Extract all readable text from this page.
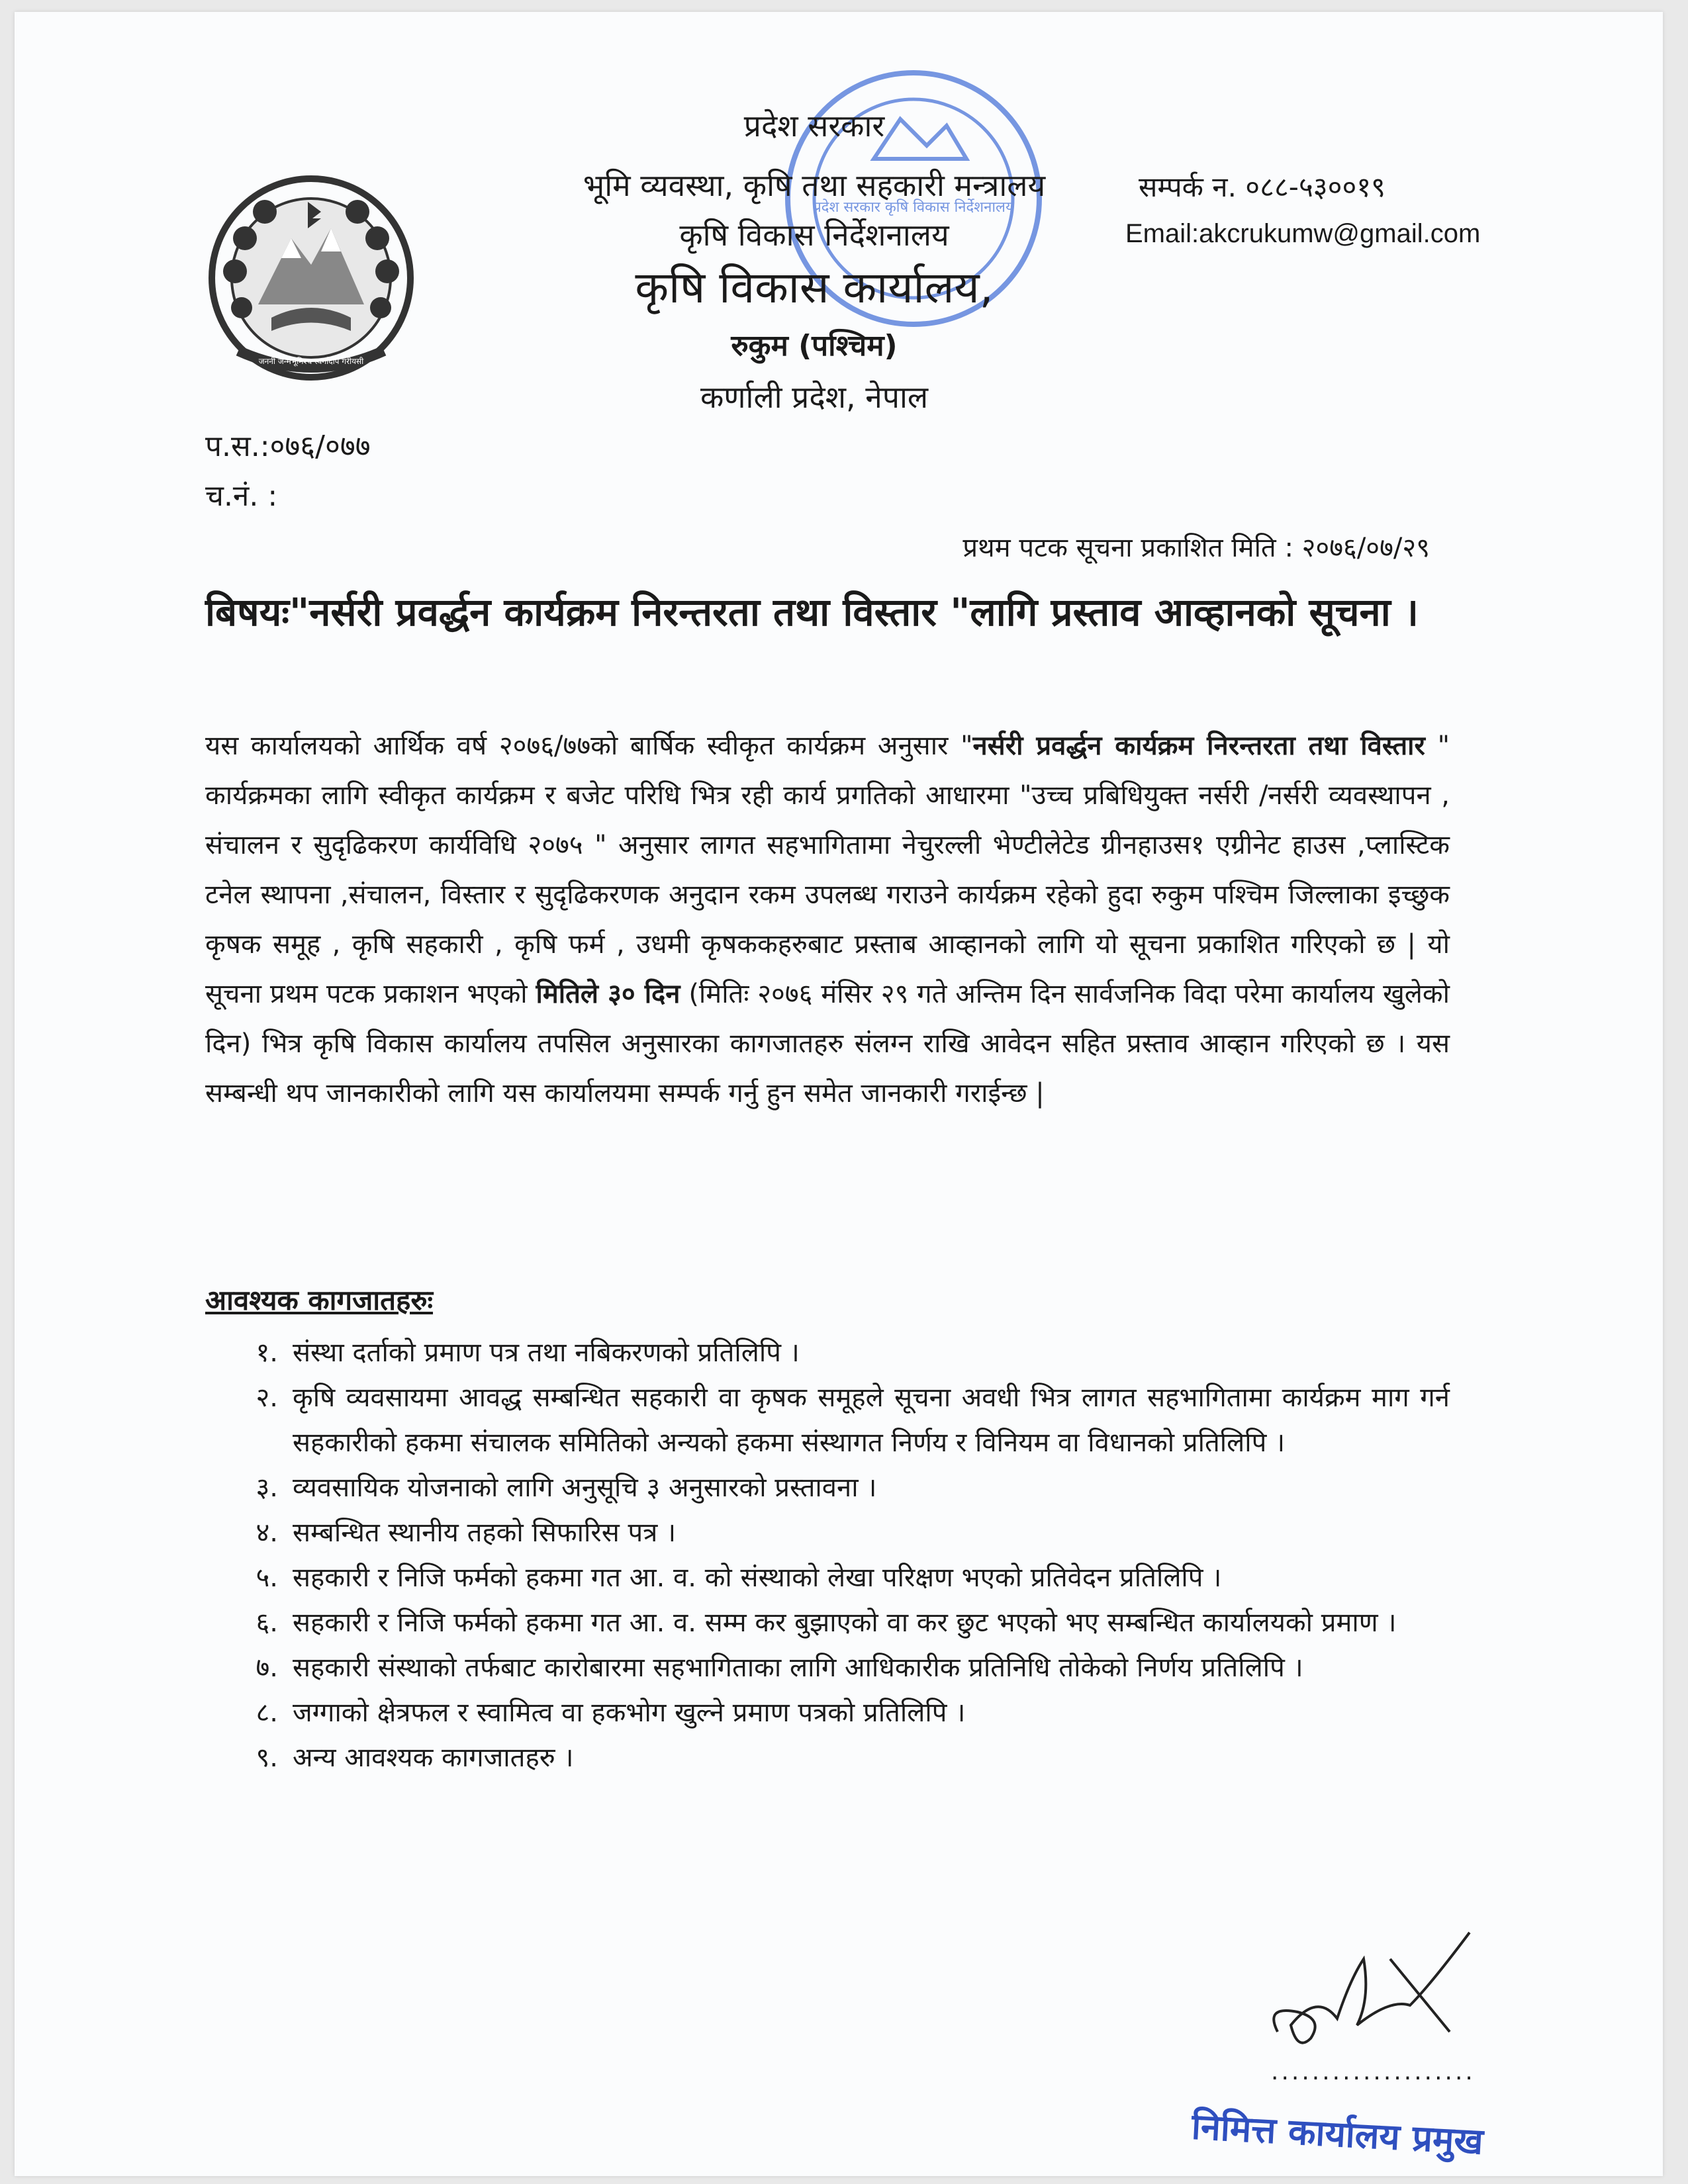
जननी जन्मभूमिश्च स्वर्गादपि गरीयसी
प्रदेश सरकार कृषि विकास निर्देशनालय
प्रदेश सरकार
भूमि व्यवस्था, कृषि तथा सहकारी मन्त्रालय
कृषि विकास निर्देशनालय
कृषि विकास कार्यालय,
रुकुम (पश्चिम)
कर्णाली प्रदेश, नेपाल
सम्पर्क न. ०८८-५३००१९
Email:akcrukumw@gmail.com
प.स.:०७६/०७७
च.नं. :
प्रथम पटक सूचना प्रकाशित मिति : २०७६/०७/२९
बिषयः"नर्सरी प्रवर्द्धन कार्यक्रम निरन्तरता तथा विस्तार "लागि प्रस्ताव आव्हानको सूचना ।
यस कार्यालयको आर्थिक वर्ष २०७६/७७को बार्षिक स्वीकृत कार्यक्रम अनुसार "नर्सरी प्रवर्द्धन कार्यक्रम निरन्तरता तथा विस्तार " कार्यक्रमका लागि स्वीकृत कार्यक्रम र बजेट परिधि भित्र रही कार्य प्रगतिको आधारमा "उच्च प्रबिधियुक्त नर्सरी /नर्सरी व्यवस्थापन , संचालन र सुदृढिकरण कार्यविधि २०७५ " अनुसार लागत सहभागितामा नेचुरल्ली भेण्टीलेटेड ग्रीनहाउस१ एग्रीनेट हाउस ,प्लास्टिक टनेल स्थापना ,संचालन, विस्तार र सुदृढिकरणक अनुदान रकम उपलब्ध गराउने कार्यक्रम रहेको हुदा रुकुम पश्चिम जिल्लाका इच्छुक कृषक समूह , कृषि सहकारी , कृषि फर्म , उधमी कृषककहरुबाट प्रस्ताब आव्हानको लागि यो सूचना प्रकाशित गरिएको छ | यो सूचना प्रथम पटक प्रकाशन भएको मितिले ३० दिन (मितिः २०७६ मंसिर २९ गते अन्तिम दिन सार्वजनिक विदा परेमा कार्यालय खुलेको दिन) भित्र कृषि विकास कार्यालय तपसिल अनुसारका कागजातहरु संलग्न राखि आवेदन सहित प्रस्ताव आव्हान गरिएको छ । यस सम्बन्धी थप जानकारीको लागि यस कार्यालयमा सम्पर्क गर्नु हुन समेत जानकारी गराईन्छ |
आवश्यक कागजातहरुः
१. संस्था दर्ताको प्रमाण पत्र तथा नबिकरणको प्रतिलिपि ।
२. कृषि व्यवसायमा आवद्ध सम्बन्धित सहकारी वा कृषक समूहले सूचना अवधी भित्र लागत सहभागितामा कार्यक्रम माग गर्न सहकारीको हकमा संचालक समितिको अन्यको हकमा संस्थागत निर्णय र विनियम वा विधानको प्रतिलिपि ।
३. व्यवसायिक योजनाको लागि अनुसूचि ३ अनुसारको प्रस्तावना ।
४. सम्बन्धित स्थानीय तहको सिफारिस पत्र ।
५. सहकारी र निजि फर्मको हकमा गत आ. व. को संस्थाको लेखा परिक्षण भएको प्रतिवेदन प्रतिलिपि ।
६. सहकारी र निजि फर्मको हकमा गत आ. व. सम्म कर बुझाएको वा कर छुट भएको भए सम्बन्धित कार्यालयको प्रमाण ।
७. सहकारी संस्थाको तर्फबाट कारोबारमा सहभागिताका लागि आधिकारीक प्रतिनिधि तोकेको निर्णय प्रतिलिपि ।
८. जग्गाको क्षेत्रफल र स्वामित्व वा हकभोग खुल्ने प्रमाण पत्रको प्रतिलिपि ।
९. अन्य आवश्यक कागजातहरु ।
....................
निमित्त कार्यालय प्रमुख
